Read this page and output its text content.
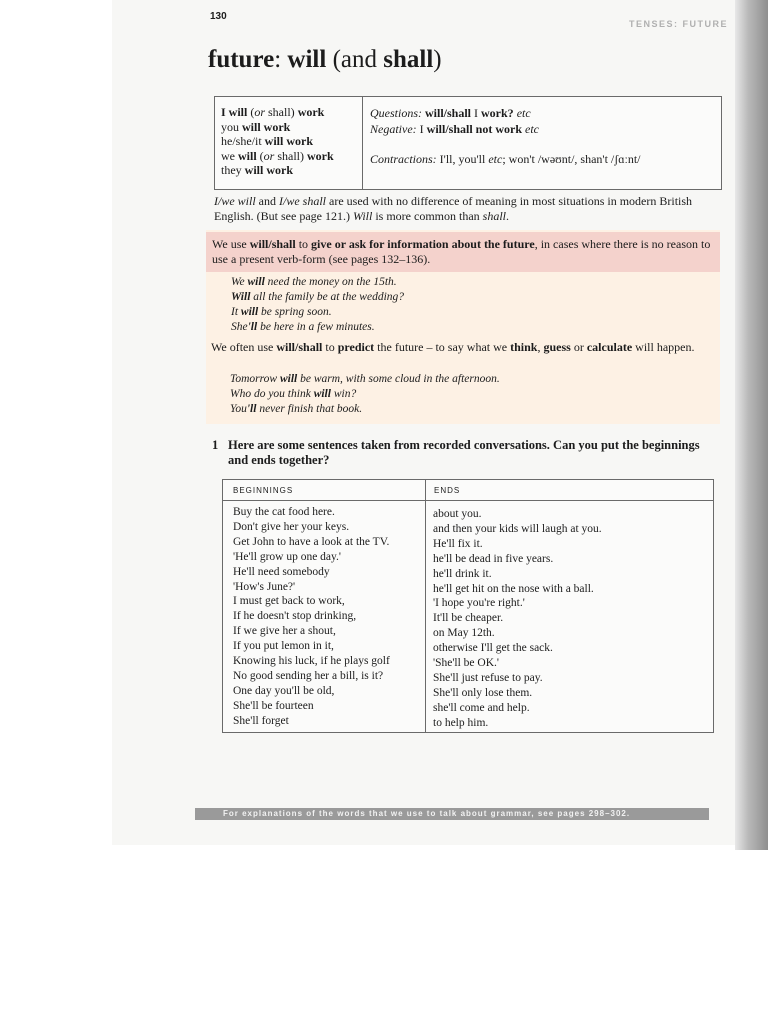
130
TENSES: FUTURE
future: will (and shall)
I will (or shall) work
you will work
he/she/it will work
we will (or shall) work
they will work
Questions: will/shall I work? etc
Negative: I will/shall not work etc
Contractions: I'll, you'll etc; won't /wəʊnt/, shan't /ʃɑːnt/
I/we will and I/we shall are used with no difference of meaning in most situations in modern British English. (But see page 121.) Will is more common than shall.
We use will/shall to give or ask for information about the future, in cases where there is no reason to use a present verb-form (see pages 132–136).
We will need the money on the 15th.
Will all the family be at the wedding?
It will be spring soon.
She'll be here in a few minutes.
We often use will/shall to predict the future – to say what we think, guess or calculate will happen.
Tomorrow will be warm, with some cloud in the afternoon.
Who do you think will win?
You'll never finish that book.
1 Here are some sentences taken from recorded conversations. Can you put the beginnings and ends together?
BEGINNINGS	ENDS
Buy the cat food here.
Don't give her your keys.
Get John to have a look at the TV.
'He'll grow up one day.'
He'll need somebody
'How's June?'
I must get back to work,
If he doesn't stop drinking,
If we give her a shout,
If you put lemon in it,
Knowing his luck, if he plays golf
No good sending her a bill, is it?
One day you'll be old,
She'll be fourteen
She'll forget
about you.
and then your kids will laugh at you.
He'll fix it.
he'll be dead in five years.
he'll drink it.
he'll get hit on the nose with a ball.
'I hope you're right.'
It'll be cheaper.
on May 12th.
otherwise I'll get the sack.
'She'll be OK.'
She'll just refuse to pay.
She'll only lose them.
she'll come and help.
to help him.
For explanations of the words that we use to talk about grammar, see pages 298–302.
